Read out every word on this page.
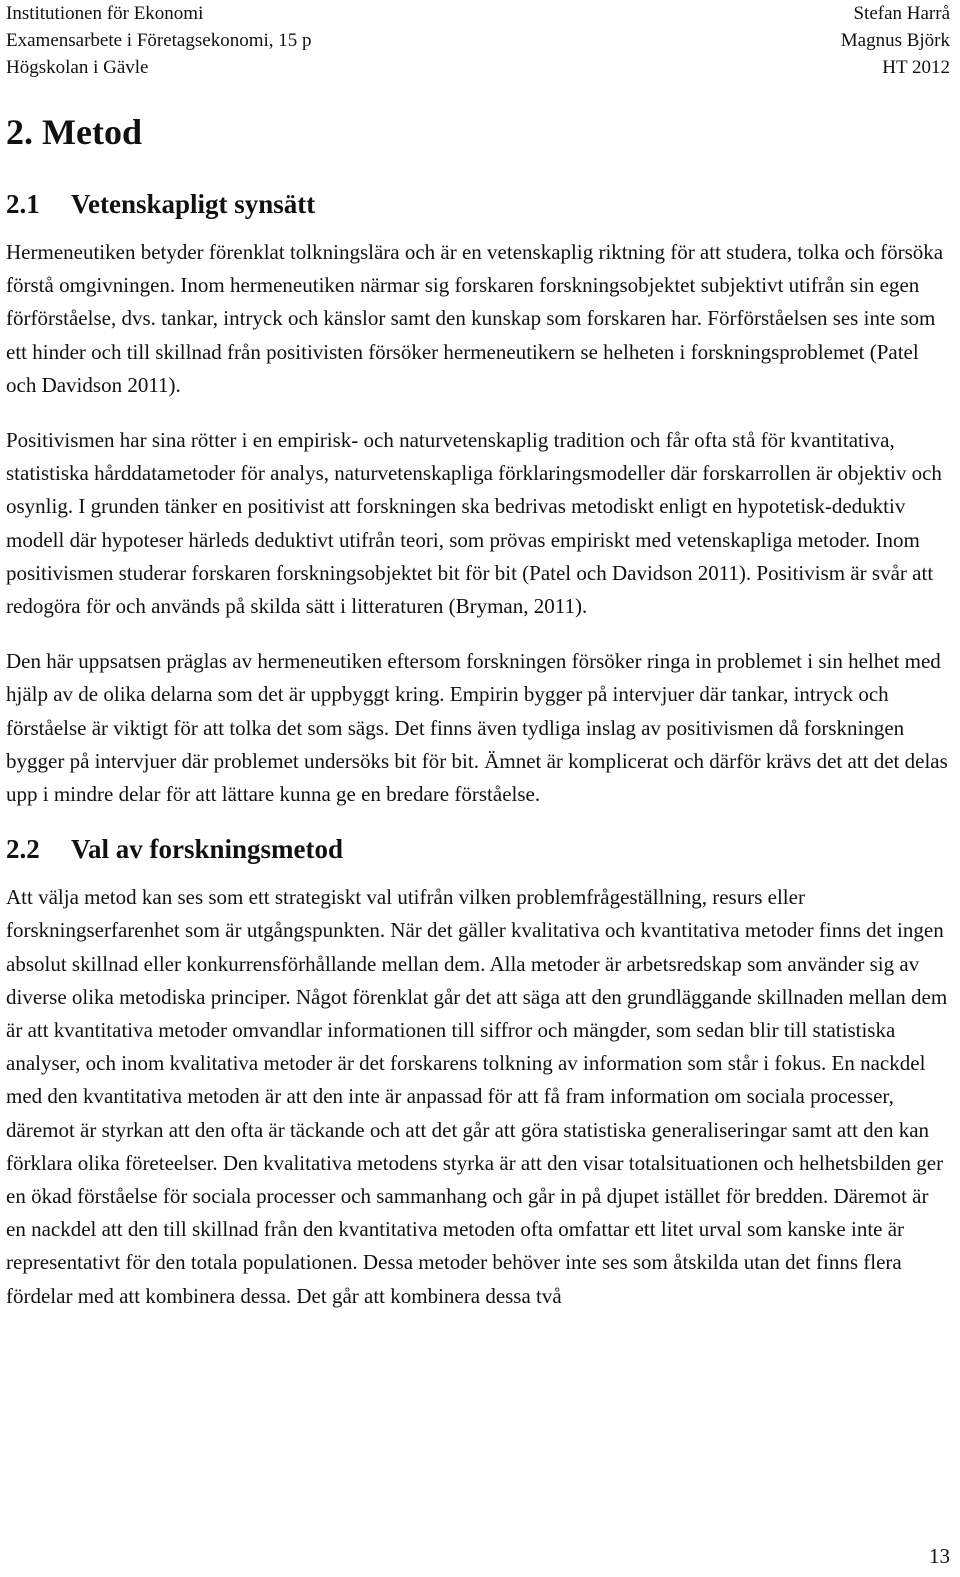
Institutionen för Ekonomi	Stefan Harrå
Examensarbete i Företagsekonomi, 15 p	Magnus Björk
Högskolan i Gävle	HT 2012
2. Metod
2.1	Vetenskapligt synsätt

Hermeneutiken betyder förenklat tolkningslära och är en vetenskaplig riktning för att studera, tolka och försöka förstå omgivningen. Inom hermeneutiken närmar sig forskaren forskningsobjektet subjektivt utifrån sin egen förförståelse, dvs. tankar, intryck och känslor samt den kunskap som forskaren har. Förförståelsen ses inte som ett hinder och till skillnad från positivisten försöker hermeneutikern se helheten i forskningsproblemet (Patel och Davidson 2011).

Positivismen har sina rötter i en empirisk- och naturvetenskaplig tradition och får ofta stå för kvantitativa, statistiska hårddatametoder för analys, naturvetenskapliga förklaringsmodeller där forskarrollen är objektiv och osynlig. I grunden tänker en positivist att forskningen ska bedrivas metodiskt enligt en hypotetisk-deduktiv modell där hypoteser härleds deduktivt utifrån teori, som prövas empiriskt med vetenskapliga metoder. Inom positivismen studerar forskaren forskningsobjektet bit för bit (Patel och Davidson 2011). Positivism är svår att redogöra för och används på skilda sätt i litteraturen (Bryman, 2011).

Den här uppsatsen präglas av hermeneutiken eftersom forskningen försöker ringa in problemet i sin helhet med hjälp av de olika delarna som det är uppbyggt kring. Empirin bygger på intervjuer där tankar, intryck och förståelse är viktigt för att tolka det som sägs. Det finns även tydliga inslag av positivismen då forskningen bygger på intervjuer där problemet undersöks bit för bit. Ämnet är komplicerat och därför krävs det att det delas upp i mindre delar för att lättare kunna ge en bredare förståelse.

2.2	Val av forskningsmetod

Att välja metod kan ses som ett strategiskt val utifrån vilken problemfrågeställning, resurs eller forskningserfarenhet som är utgångspunkten. När det gäller kvalitativa och kvantitativa metoder finns det ingen absolut skillnad eller konkurrensförhållande mellan dem. Alla metoder är arbetsredskap som använder sig av diverse olika metodiska principer. Något förenklat går det att säga att den grundläggande skillnaden mellan dem är att kvantitativa metoder omvandlar informationen till siffror och mängder, som sedan blir till statistiska analyser, och inom kvalitativa metoder är det forskarens tolkning av information som står i fokus. En nackdel med den kvantitativa metoden är att den inte är anpassad för att få fram information om sociala processer, däremot är styrkan att den ofta är täckande och att det går att göra statistiska generaliseringar samt att den kan förklara olika företeelser. Den kvalitativa metodens styrka är att den visar totalsituationen och helhetsbilden ger en ökad förståelse för sociala processer och sammanhang och går in på djupet istället för bredden. Däremot är en nackdel att den till skillnad från den kvantitativa metoden ofta omfattar ett litet urval som kanske inte är representativt för den totala populationen. Dessa metoder behöver inte ses som åtskilda utan det finns flera fördelar med att kombinera dessa. Det går att kombinera dessa två

13
